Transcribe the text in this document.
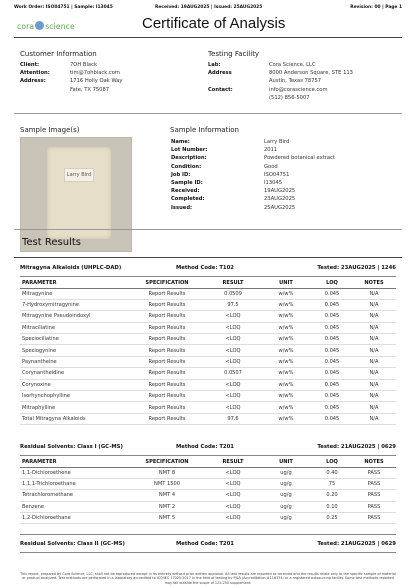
Work Order: ISO04751 | Sample: I13045	Received: 19AUG2025 | Issued: 25AUG2025	Revision: 00 | Page 1
cora science	Certificate of Analysis
Customer Information
Client:	7OH Black
Attention:	tim@7ohblack.com
Address:	1716 Holly Oak Way
Fate, TX 75087
Testing Facility
Lab:	Cora Science, LLC
Address	8000 Anderson Square, STE 113
Austin, Texas 78757
Contact:	info@corascience.com
(512) 856-5007
Sample Image(s)
Larry Bird
Sample Information
Name:	Larry Bird
Lot Number:	2011
Description:	Powdered botanical extract
Condition:	Good
Job ID:	ISO04751
Sample ID:	I13045
Received:	19AUG2025
Completed:	23AUG2025
Issued:	25AUG2025
Test Results
Mitragyna Alkaloids (UHPLC-DAD)	Method Code: T102	Tested: 23AUG2025 | 1246
PARAMETER	SPECIFICATION	RESULT	UNIT	LOQ	NOTES
Mitragynine	Report Results	0.0509	w/w%	0.045	N/A
7-Hydroxymitragynine	Report Results	97.5	w/w%	0.045	N/A
Mitragynine Pseudoindoxyl	Report Results	<LOQ	w/w%	0.045	N/A
Mitraciliatine	Report Results	<LOQ	w/w%	0.045	N/A
Speciociliatine	Report Results	<LOQ	w/w%	0.045	N/A
Speciogynine	Report Results	<LOQ	w/w%	0.045	N/A
Paynantheine	Report Results	<LOQ	w/w%	0.045	N/A
Corynantheidine	Report Results	0.0507	w/w%	0.045	N/A
Corynoxine	Report Results	<LOQ	w/w%	0.045	N/A
Isorhynchophylline	Report Results	<LOQ	w/w%	0.045	N/A
Mitraphylline	Report Results	<LOQ	w/w%	0.045	N/A
Total Mitragyna Alkaloids	Report Results	97.6	w/w%	0.045	N/A
Residual Solvents: Class I (GC-MS)	Method Code: T201	Tested: 21AUG2025 | 0629
PARAMETER	SPECIFICATION	RESULT	UNIT	LOQ	NOTES
1,1-Dichloroethene	NMT 8	<LOQ	ug/g	0.40	PASS
1,1,1-Trichloroethane	NMT 1500	<LOQ	ug/g	75	PASS
Tetrachloromethane	NMT 4	<LOQ	ug/g	0.20	PASS
Benzene	NMT 2	<LOQ	ug/g	0.10	PASS
1,2-Dichloroethane	NMT 5	<LOQ	ug/g	0.25	PASS
Residual Solvents: Class II (GC-MS)	Method Code: T201	Tested: 21AUG2025 | 0629
This report, prepared by Cora Science, LLC, shall not be reproduced except in its entirety without prior written approval. All test results are reported as received and the results relate only to the specific sample of material or product analyzed. Test methods are performed in a laboratory accredited to ISO/IEC 17025:2017 in the field of testing by PJLA (Accreditation #116374) or a registered outsourcing facility. Some test methods reported may fall outside the scope of 122-250 supplement.
